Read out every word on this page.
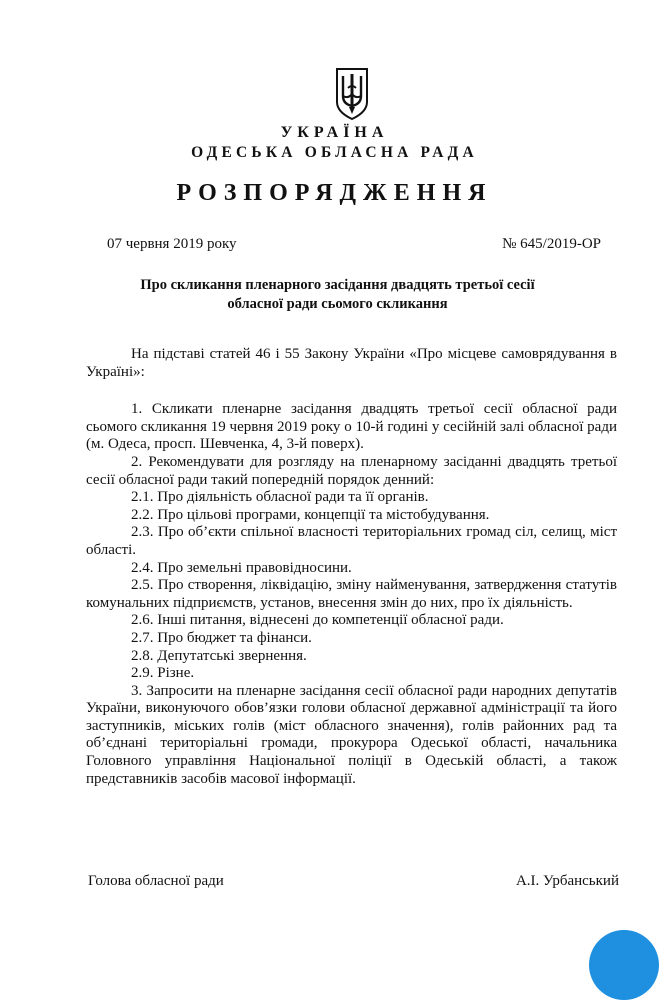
УКРАЇНА
ОДЕСЬКА ОБЛАСНА РАДА
РОЗПОРЯДЖЕННЯ
07 червня 2019 року	№ 645/2019-ОР
Про скликання пленарного засідання двадцять третьої сесії
обласної ради сьомого скликання

На підставі статей 46 і 55 Закону України «Про місцеве самоврядування в Україні»:

1. Скликати пленарне засідання двадцять третьої сесії обласної ради сьомого скликання 19 червня 2019 року о 10-й годині у сесійній залі обласної ради (м. Одеса, просп. Шевченка, 4, 3-й поверх).

2. Рекомендувати для розгляду на пленарному засіданні двадцять третьої сесії обласної ради такий попередній порядок денний:

2.1. Про діяльність обласної ради та її органів.

2.2. Про цільові програми, концепції та містобудування.

2.3. Про об’єкти спільної власності територіальних громад сіл, селищ, міст області.

2.4. Про земельні правовідносини.

2.5. Про створення, ліквідацію, зміну найменування, затвердження статутів комунальних підприємств, установ, внесення змін до них, про їх діяльність.

2.6. Інші питання, віднесені до компетенції обласної ради.

2.7. Про бюджет та фінанси.

2.8. Депутатські звернення.

2.9. Різне.

3. Запросити на пленарне засідання сесії обласної ради народних депутатів України, виконуючого обов’язки голови обласної державної адміністрації та його заступників, міських голів (міст обласного значення), голів районних рад та об’єднані територіальні громади, прокурора Одеської області, начальника Головного управління Національної поліції в Одеській області, а також представників засобів масової інформації.

Голова обласної ради	А.І. Урбанський
